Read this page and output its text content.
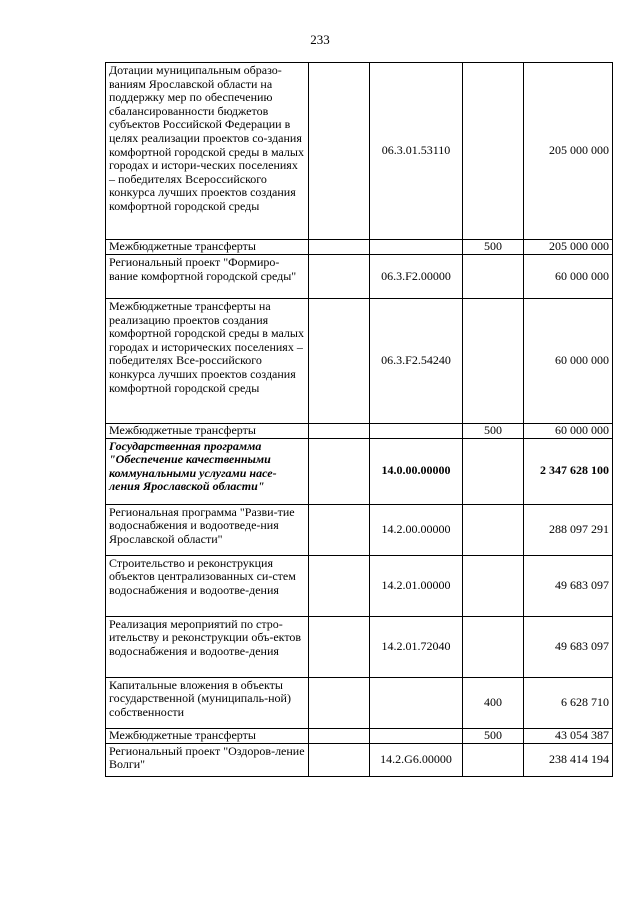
233
Дотации муниципальным образо-ваниям Ярославской области на поддержку мер по обеспечению сбалансированности бюджетов субъектов Российской Федерации в целях реализации проектов со-здания комфортной городской среды в малых городах и истори-ческих поселениях – победителях Всероссийского конкурса лучших проектов создания комфортной городской среды		06.3.01.53110		205 000 000
Межбюджетные трансферты			500	205 000 000
Региональный проект "Формиро-вание комфортной городской среды"		06.3.F2.00000		60 000 000
Межбюджетные трансферты на реализацию проектов создания комфортной городской среды в малых городах и исторических поселениях – победителях Все-российского конкурса лучших проектов создания комфортной городской среды		06.3.F2.54240		60 000 000
Межбюджетные трансферты			500	60 000 000
Государственная программа "Обеспечение качественными коммунальными услугами насе-ления Ярославской области"		14.0.00.00000		2 347 628 100
Региональная программа "Разви-тие водоснабжения и водоотведе-ния Ярославской области"		14.2.00.00000		288 097 291
Строительство и реконструкция объектов централизованных си-стем водоснабжения и водоотве-дения		14.2.01.00000		49 683 097
Реализация мероприятий по стро-ительству и реконструкции объ-ектов водоснабжения и водоотве-дения		14.2.01.72040		49 683 097
Капитальные вложения в объекты государственной (муниципаль-ной) собственности			400	6 628 710
Межбюджетные трансферты			500	43 054 387
Региональный проект "Оздоров-ление Волги"		14.2.G6.00000		238 414 194
